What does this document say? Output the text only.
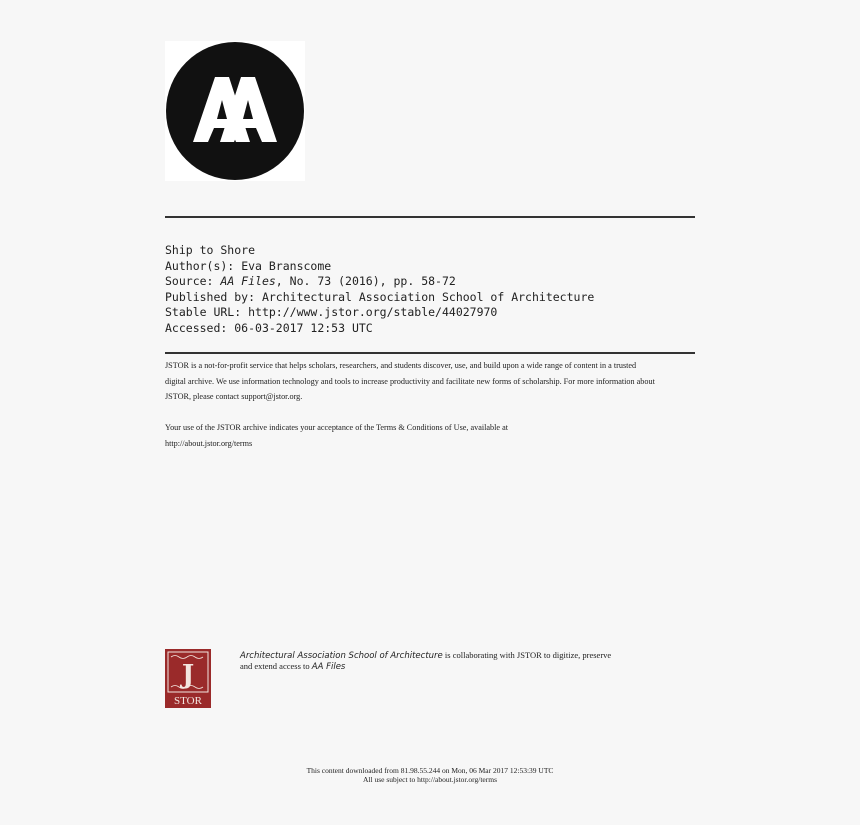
Ship to Shore
Author(s): Eva Branscome
Source: AA Files, No. 73 (2016), pp. 58-72
Published by: Architectural Association School of Architecture
Stable URL: http://www.jstor.org/stable/44027970
Accessed: 06-03-2017 12:53 UTC
JSTOR is a not-for-profit service that helps scholars, researchers, and students discover, use, and build upon a wide range of content in a trusted
digital archive. We use information technology and tools to increase productivity and facilitate new forms of scholarship. For more information about
JSTOR, please contact support@jstor.org.
Your use of the JSTOR archive indicates your acceptance of the Terms & Conditions of Use, available at
http://about.jstor.org/terms
J
STOR
Architectural Association School of Architecture is collaborating with JSTOR to digitize, preserve
and extend access to AA Files
This content downloaded from 81.98.55.244 on Mon, 06 Mar 2017 12:53:39 UTC
All use subject to http://about.jstor.org/terms
